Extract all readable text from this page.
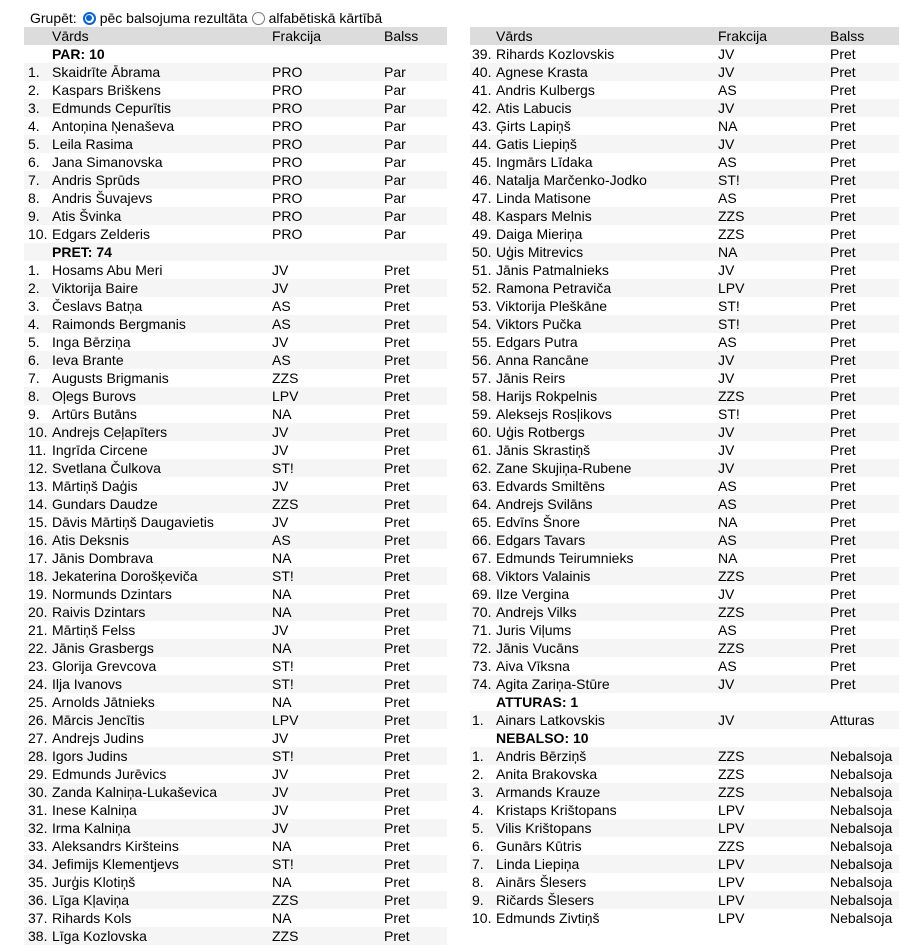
Grupēt: pēc balsojuma rezultāta alfabētiskā kārtībā
Vārds	Frakcija	Balss
PAR: 10
1. Skaidrīte Ābrama	PRO	Par
2. Kaspars Briškens	PRO	Par
3. Edmunds Cepurītis	PRO	Par
4. Antoņina Ņenaševa	PRO	Par
5. Leila Rasima	PRO	Par
6. Jana Simanovska	PRO	Par
7. Andris Sprūds	PRO	Par
8. Andris Šuvajevs	PRO	Par
9. Atis Švinka	PRO	Par
10. Edgars Zelderis	PRO	Par
PRET: 74
1. Hosams Abu Meri	JV	Pret
2. Viktorija Baire	JV	Pret
3. Česlavs Batņa	AS	Pret
4. Raimonds Bergmanis	AS	Pret
5. Inga Bērziņa	JV	Pret
6. Ieva Brante	AS	Pret
7. Augusts Brigmanis	ZZS	Pret
8. Oļegs Burovs	LPV	Pret
9. Artūrs Butāns	NA	Pret
10. Andrejs Ceļapīters	JV	Pret
11. Ingrīda Circene	JV	Pret
12. Svetlana Čulkova	ST!	Pret
13. Mārtiņš Daģis	JV	Pret
14. Gundars Daudze	ZZS	Pret
15. Dāvis Mārtiņš Daugavietis	JV	Pret
16. Atis Deksnis	AS	Pret
17. Jānis Dombrava	NA	Pret
18. Jekaterina Dorošķeviča	ST!	Pret
19. Normunds Dzintars	NA	Pret
20. Raivis Dzintars	NA	Pret
21. Mārtiņš Felss	JV	Pret
22. Jānis Grasbergs	NA	Pret
23. Glorija Grevcova	ST!	Pret
24. Ilja Ivanovs	ST!	Pret
25. Arnolds Jātnieks	NA	Pret
26. Mārcis Jencītis	LPV	Pret
27. Andrejs Judins	JV	Pret
28. Igors Judins	ST!	Pret
29. Edmunds Jurēvics	JV	Pret
30. Zanda Kalniņa-Lukaševica	JV	Pret
31. Inese Kalniņa	JV	Pret
32. Irma Kalniņa	JV	Pret
33. Aleksandrs Kiršteins	NA	Pret
34. Jefimijs Klementjevs	ST!	Pret
35. Jurģis Klotiņš	NA	Pret
36. Līga Kļaviņa	ZZS	Pret
37. Rihards Kols	NA	Pret
38. Līga Kozlovska	ZZS	Pret
Vārds	Frakcija	Balss
39. Rihards Kozlovskis	JV	Pret
40. Agnese Krasta	JV	Pret
41. Andris Kulbergs	AS	Pret
42. Atis Labucis	JV	Pret
43. Ģirts Lapiņš	NA	Pret
44. Gatis Liepiņš	JV	Pret
45. Ingmārs Līdaka	AS	Pret
46. Natalja Marčenko-Jodko	ST!	Pret
47. Linda Matisone	AS	Pret
48. Kaspars Melnis	ZZS	Pret
49. Daiga Mieriņa	ZZS	Pret
50. Uģis Mitrevics	NA	Pret
51. Jānis Patmalnieks	JV	Pret
52. Ramona Petraviča	LPV	Pret
53. Viktorija Pleškāne	ST!	Pret
54. Viktors Pučka	ST!	Pret
55. Edgars Putra	AS	Pret
56. Anna Rancāne	JV	Pret
57. Jānis Reirs	JV	Pret
58. Harijs Rokpelnis	ZZS	Pret
59. Aleksejs Rosļikovs	ST!	Pret
60. Uģis Rotbergs	JV	Pret
61. Jānis Skrastiņš	JV	Pret
62. Zane Skujiņa-Rubene	JV	Pret
63. Edvards Smiltēns	AS	Pret
64. Andrejs Svilāns	AS	Pret
65. Edvīns Šnore	NA	Pret
66. Edgars Tavars	AS	Pret
67. Edmunds Teirumnieks	NA	Pret
68. Viktors Valainis	ZZS	Pret
69. Ilze Vergina	JV	Pret
70. Andrejs Vilks	ZZS	Pret
71. Juris Viļums	AS	Pret
72. Jānis Vucāns	ZZS	Pret
73. Aiva Vīksna	AS	Pret
74. Agita Zariņa-Stūre	JV	Pret
ATTURAS: 1
1. Ainars Latkovskis	JV	Atturas
NEBALSO: 10
1. Andris Bērziņš	ZZS	Nebalsoja
2. Anita Brakovska	ZZS	Nebalsoja
3. Armands Krauze	ZZS	Nebalsoja
4. Kristaps Krištopans	LPV	Nebalsoja
5. Vilis Krištopans	LPV	Nebalsoja
6. Gunārs Kūtris	ZZS	Nebalsoja
7. Linda Liepiņa	LPV	Nebalsoja
8. Ainārs Šlesers	LPV	Nebalsoja
9. Ričards Šlesers	LPV	Nebalsoja
10. Edmunds Zivtiņš	LPV	Nebalsoja
